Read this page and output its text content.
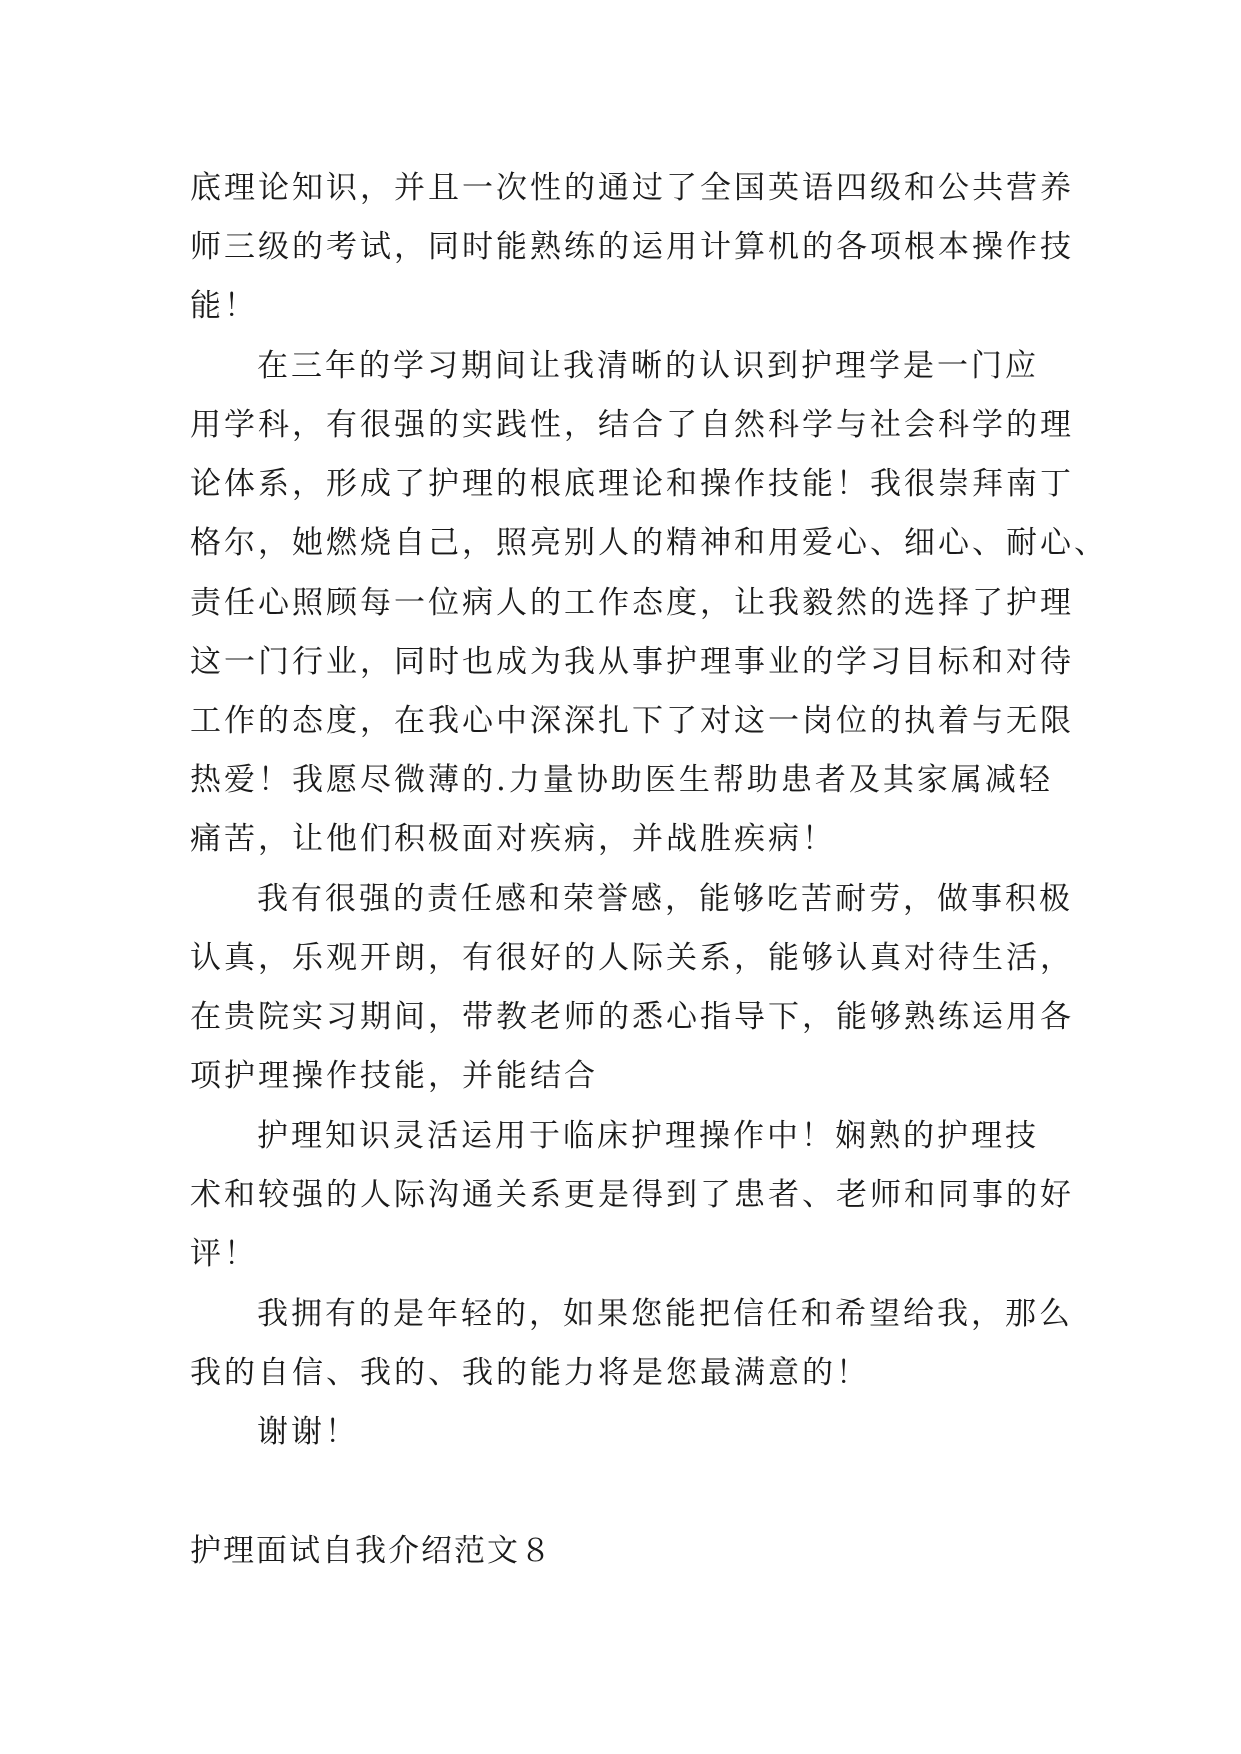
底理论知识，并且一次性的通过了全国英语四级和公共营养
师三级的考试，同时能熟练的运用计算机的各项根本操作技
能！
在三年的学习期间让我清晰的认识到护理学是一门应
用学科，有很强的实践性，结合了自然科学与社会科学的理
论体系，形成了护理的根底理论和操作技能！我很崇拜南丁
格尔，她燃烧自己，照亮别人的精神和用爱心、细心、耐心、
责任心照顾每一位病人的工作态度，让我毅然的选择了护理
这一门行业，同时也成为我从事护理事业的学习目标和对待
工作的态度，在我心中深深扎下了对这一岗位的执着与无限
热爱！我愿尽微薄的.力量协助医生帮助患者及其家属减轻
痛苦，让他们积极面对疾病，并战胜疾病！
我有很强的责任感和荣誉感，能够吃苦耐劳，做事积极
认真，乐观开朗，有很好的人际关系，能够认真对待生活，
在贵院实习期间，带教老师的悉心指导下，能够熟练运用各
项护理操作技能，并能结合
护理知识灵活运用于临床护理操作中！娴熟的护理技
术和较强的人际沟通关系更是得到了患者、老师和同事的好
评！
我拥有的是年轻的，如果您能把信任和希望给我，那么
我的自信、我的、我的能力将是您最满意的！
谢谢！
护理面试自我介绍范文８
